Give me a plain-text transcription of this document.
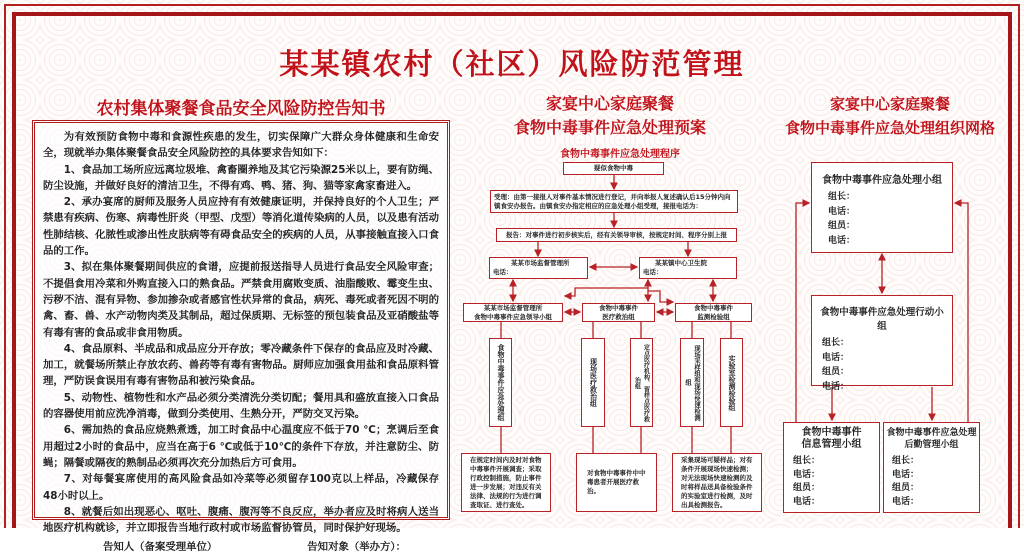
某某镇农村（社区）风险防范管理
农村集体聚餐食品安全风险防控告知书

为有效预防食物中毒和食源性疾患的发生，切实保障广大群众身体健康和生命安全，现就举办集体聚餐食品安全风险防控的具体要求告知如下：

1、食品加工场所应远离垃圾堆、禽畜圈养地及其它污染源25米以上，要有防绳、防尘设施，并做好良好的清洁卫生，不得有鸡、鸭、猪、狗、猫等家禽家畜进入。

2、承办宴席的厨师及服务人员应持有有效健康证明，并保持良好的个人卫生；严禁患有疾病、伤寒、病毒性肝炎（甲型、戊型）等消化道传染病的人员，以及患有活动性肺结核、化脓性或渗出性皮肤病等有碍食品安全的疾病的人员，从事接触直接入口食品的工作。

3、拟在集体聚餐期间供应的食谱，应提前报送指导人员进行食品安全风险审查；不提倡食用冷菜和外购直接入口的熟食品。严禁食用腐败变质、油脂酸败、霉变生虫、污秽不洁、混有异物、参加掺杂或者感官性状异常的食品，病死、毒死或者死因不明的禽、畜、兽、水产动物肉类及其制品，超过保质期、无标签的预包装食品及亚硝酸盐等有毒有害的食品或非食用物质。

4、食品原料、半成品和成品应分开存放；零冷藏条件下保存的食品应及时冷藏、加工，就餐场所禁止存放农药、兽药等有毒有害物品。厨师应加强食用盐和食品原料管理，严防误食误用有毒有害物品和被污染食品。

5、动物性、植物性和水产品必须分类清洗分类切配；餐用具和盛放直接入口食品的容器使用前应洗净消毒，做到分类使用、生熟分开，严防交叉污染。

6、需加热的食品应烧熟煮透，加工时食品中心温度应不低于70 ℃；烹调后至食用超过2小时的食品中，应当在高于6 ℃或低于10℃的条件下存放，并注意防尘、防蝇；隔餐或隔夜的熟制品必须再次充分加热后方可食用。

7、对每餐宴席使用的高风险食品如冷菜等必须留存100克以上样品，冷藏保存48小时以上。

8、就餐后如出现恶心、呕吐、腹痛、腹泻等不良反应，举办者应及时将病人送当地医疗机构就诊，并立即报告当地行政村或市场监督协管员，同时保护好现场。

告知人（备案受理单位）	告知对象（举办方）：
家宴中心家庭聚餐
食物中毒事件应急处理预案
食物中毒事件应急处理程序
疑似食物中毒
受理：由第一接报人对事件基本情况进行登记，并向举报人复述确认后15分钟内向镇食安办报告。由镇食安办指定相应的应急处理小组受理，接报电话为：
报告：对事件进行初步核实后，经有关领导审核，按规定时间、程序分别上报
某某市场监督管理所
电话：
某某镇中心卫生院
电话：
某某市场监督管理所
食物中毒事件应急领导小组
食物中毒事件
医疗救治组
食物中毒事件
监测检验组
食物中毒事件应急处理组	现场医疗救治组	定点医疗机构、留样点医疗救治组	现场采样组和现场快速检测组	实验室检测检验组
在规定时间内及时对食物中毒事件开展调查；采取行政控制措施，防止事件进一步发展；对违反有关法律、法规的行为进行调查取证、进行查处。
对食物中毒事件中中毒患者开展医疗救治。
采集现场可疑样品；对有条件开展现场快速检测；对无法现场快速检测的及时将样品送具备检验条件的实验室进行检测，及时出具检测报告。
家宴中心家庭聚餐
食物中毒事件应急处理组织网格
食物中毒事件应急处理小组
组长：
电话：
组员：
电话：
食物中毒事件应急处理行动小组
组长：
电话：
组员：
电话：
食物中毒事件
信息管理小组
组长：
电话：
组员：
电话：
食物中毒事件应急处理
后勤管理小组
组长：
电话：
组员：
电话：
